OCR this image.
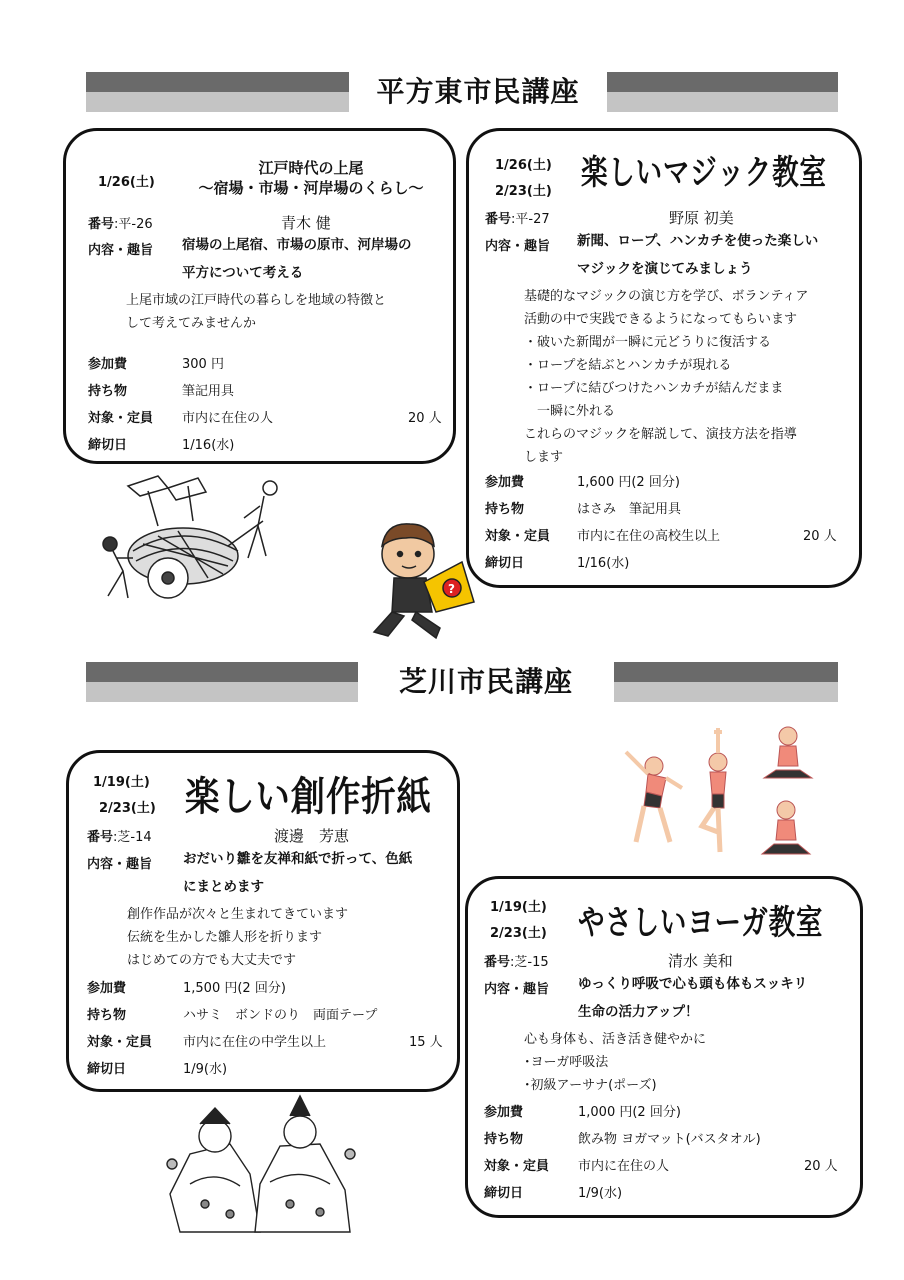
平方東市民講座
1/26(土)
江戸時代の上尾
～宿場・市場・河岸場のくらし～
番号:平-26	青木 健
内容・趣旨 宿場の上尾宿、市場の原市、河岸場の
平方について考える
上尾市域の江戸時代の暮らしを地域の特徴と
して考えてみませんか
参加費	300 円
持ち物	筆記用具
対象・定員 市内に在住の人	20 人
締切日	1/16(水)
1/26(土)
2/23(土) 楽しいマジック教室
番号:平-27	野原 初美
内容・趣旨 新聞、ロープ、ハンカチを使った楽しい
マジックを演じてみましょう
基礎的なマジックの演じ方を学び、ボランティア
活動の中で実践できるようになってもらいます
・破いた新聞が一瞬に元どうりに復活する
・ロープを結ぶとハンカチが現れる
・ロープに結びつけたハンカチが結んだまま
　一瞬に外れる
これらのマジックを解説して、演技方法を指導
します
参加費	1,600 円(2 回分)
持ち物	はさみ　筆記用具
対象・定員 市内に在住の高校生以上	20 人
締切日	1/16(水)
?
芝川市民講座
1/19(土)
2/23(土) 楽しい創作折紙
番号:芝-14	渡邊　芳恵
内容・趣旨 おだいり雛を友禅和紙で折って、色紙
にまとめます
創作作品が次々と生まれてきています
伝統を生かした雛人形を折ります
はじめての方でも大丈夫です
参加費	1,500 円(2 回分)
持ち物	ハサミ　ボンドのり　両面テープ
対象・定員 市内に在住の中学生以上	15 人
締切日	1/9(水)
1/19(土)
2/23(土) やさしいヨーガ教室
番号:芝-15	清水 美和
内容・趣旨 ゆっくり呼吸で心も頭も体もスッキリ
生命の活力アップ！
心も身体も、活き活き健やかに
･ヨーガ呼吸法
･初級アーサナ(ポーズ)
参加費	1,000 円(2 回分)
持ち物	飲み物 ヨガマット(バスタオル)
対象・定員 市内に在住の人	20 人
締切日	1/9(水)
